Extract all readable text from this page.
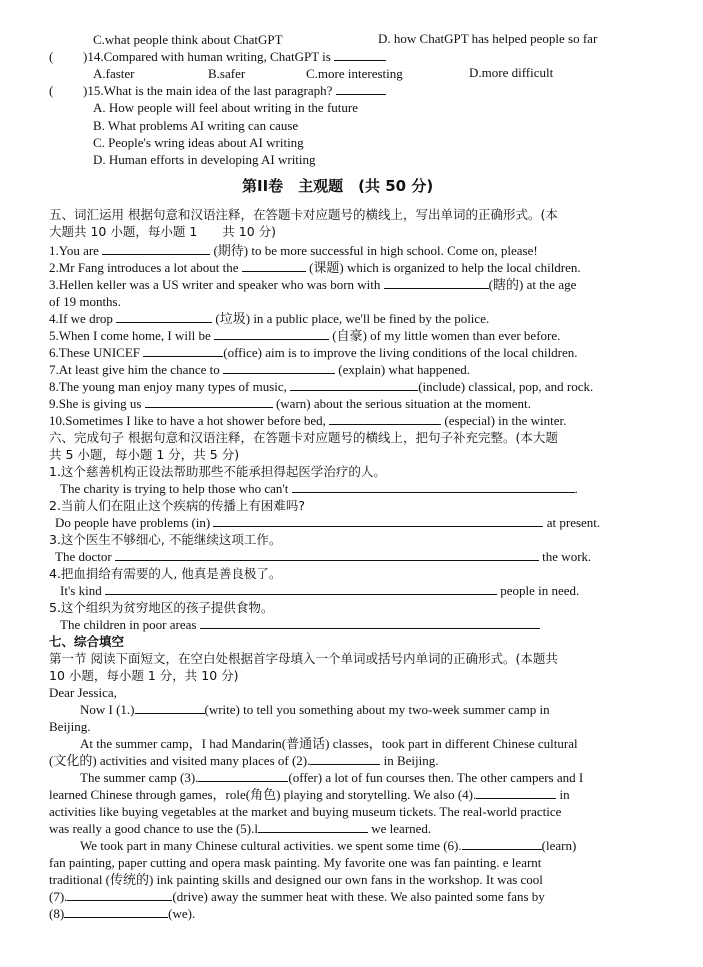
C.what people think about ChatGPT	D. how ChatGPT has helped people so far
( )14.Compared with human writing, ChatGPT is
A.faster	B.safer	C.more interesting	D.more difficult
( )15.What is the main idea of the last paragraph?
A. How people will feel about writing in the future
B. What problems AI writing can cause
C. People's wring ideas about AI writing
D. Human efforts in developing AI writing
第II卷　主观题　(共 50 分)
五、词汇运用 根据句意和汉语注释，在答题卡对应题号的横线上，写出单词的正确形式。(本
大题共 10 小题，每小题 1　　共 10 分)
1.You are	(期待) to be more successful in high school. Come on, please!
2.Mr Fang introduces a lot about the	(课题) which is organized to help the local children.
3.Hellen keller was a US writer and speaker who was born with	(瞎的) at the age
of 19 months.
4.If we drop	(垃圾) in a public place, we'll be fined by the police.
5.When I come home, I will be	(自豪) of my little women than ever before.
6.These UNICEF	(office) aim is to improve the living conditions of the local children.
7.At least give him the chance to	(explain) what happened.
8.The young man enjoy many types of music,	(include) classical, pop, and rock.
9.She is giving us	(warn) about the serious situation at the moment.
10.Sometimes I like to have a hot shower before bed,	(especial) in the winter.
六、完成句子 根据句意和汉语注释，在答题卡对应题号的横线上，把句子补充完整。(本大题
共 5 小题，每小题 1 分，共 5 分)
1.这个慈善机构正设法帮助那些不能承担得起医学治疗的人。
The charity is trying to help those who can't	.
2.当前人们在阻止这个疾病的传播上有困难吗?
Do people have problems (in)	at present.
3.这个医生不够细心, 不能继续这项工作。
The doctor	the work.
4.把血捐给有需要的人, 他真是善良极了。
It's kind	people in need.
5.这个组织为贫穷地区的孩子提供食物。
The children in poor areas
七、综合填空
第一节 阅读下面短文，在空白处根据首字母填入一个单词或括号内单词的正确形式。(本题共
10 小题，每小题 1 分，共 10 分)
Dear Jessica,
Now I (1.)	(write) to tell you something about my two-week summer camp in
Beijing.
At the summer camp，I had Mandarin(普通话) classes，took part in different Chinese cultural
(文化的) activities and visited many places of (2).	in Beijing.
The summer camp (3).	(offer) a lot of fun courses then. The other campers and I
learned Chinese through games，role(角色) playing and storytelling. We also (4).	in
activities like buying vegetables at the market and buying museum tickets. The real-world practice
was really a good chance to use the (5).l	we learned.
We took part in many Chinese cultural activities. we spent some time (6).	(learn)
fan painting, paper cutting and opera mask painting. My favorite one was fan painting. e learnt
traditional (传统的) ink painting skills and designed our own fans in the workshop. It was cool
(7).	(drive) away the summer heat with these. We also painted some fans by
(8)	(we).
